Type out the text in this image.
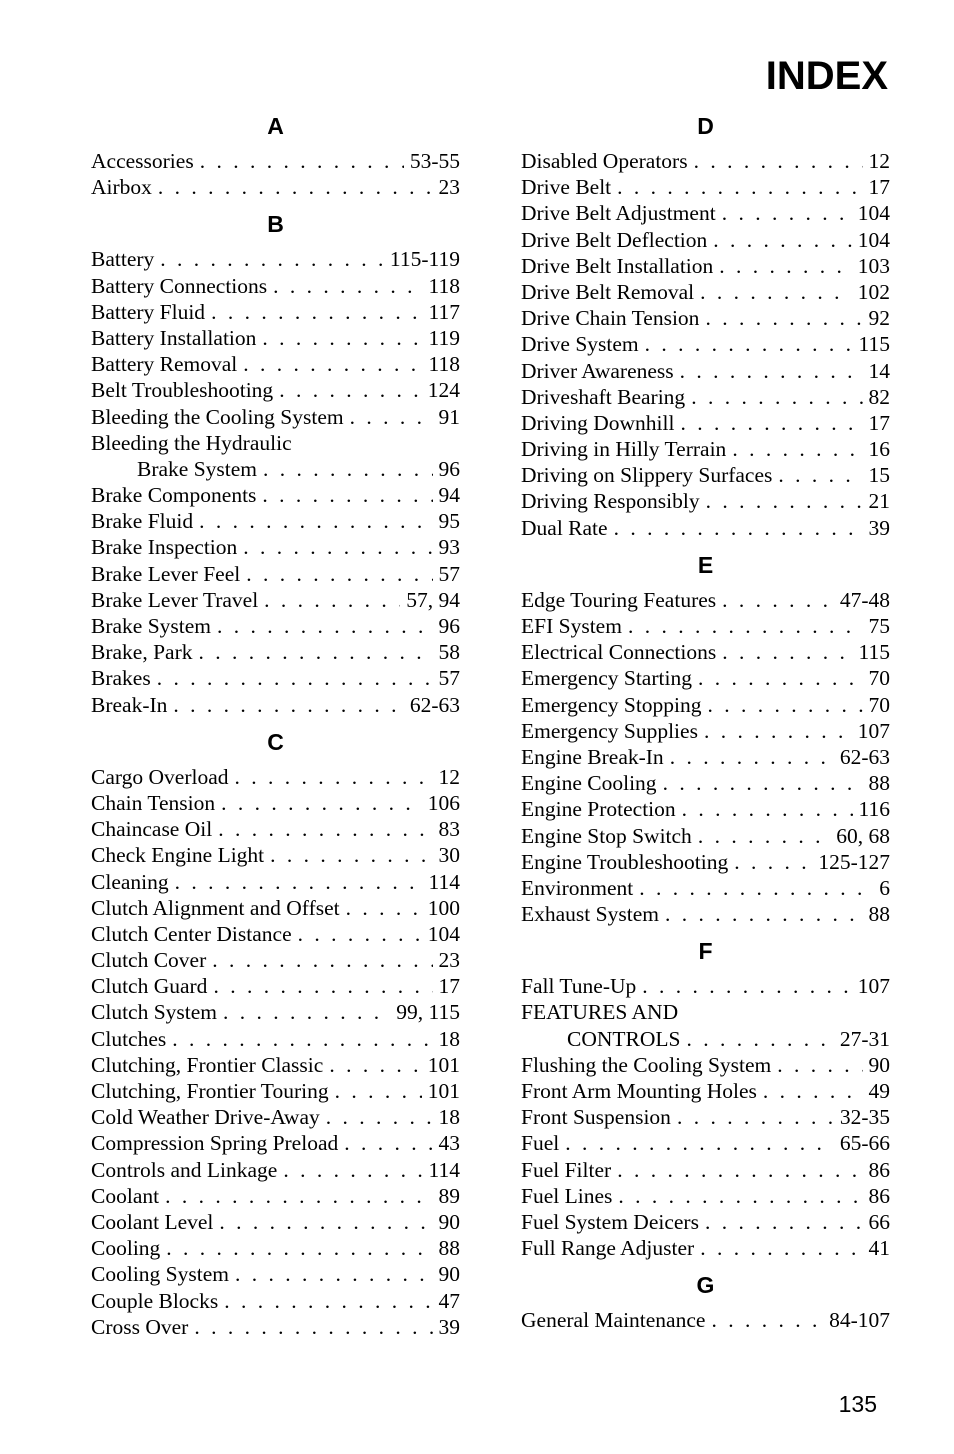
INDEX
A
Accessories . . .	53-55
Airbox . . .	23
B
Battery . . .	115-119
Battery Connections . . .	118
Battery Fluid . . .	117
Battery Installation . . .	119
Battery Removal . . .	118
Belt Troubleshooting . . .	124
Bleeding the Cooling System . . .	91
Bleeding the Hydraulic
Brake System . . .	96
Brake Components . . .	94
Brake Fluid . . .	95
Brake Inspection . . .	93
Brake Lever Feel . . .	57
Brake Lever Travel . . .	57, 94
Brake System . . .	96
Brake, Park . . .	58
Brakes . . .	57
Break-In . . .	62-63
C
Cargo Overload . . .	12
Chain Tension . . .	106
Chaincase Oil . . .	83
Check Engine Light . . .	30
Cleaning . . .	114
Clutch Alignment and Offset . . .	100
Clutch Center Distance . . .	104
Clutch Cover . . .	23
Clutch Guard . . .	17
Clutch System . . .	99, 115
Clutches . . .	18
Clutching, Frontier Classic . . .	101
Clutching, Frontier Touring . . .	101
Cold Weather Drive-Away . . .	18
Compression Spring Preload . . .	43
Controls and Linkage . . .	114
Coolant . . .	89
Coolant Level . . .	90
Cooling . . .	88
Cooling System . . .	90
Couple Blocks . . .	47
Cross Over . . .	39
D
Disabled Operators . . .	12
Drive Belt . . .	17
Drive Belt Adjustment . . .	104
Drive Belt Deflection . . .	104
Drive Belt Installation . . .	103
Drive Belt Removal . . .	102
Drive Chain Tension . . .	92
Drive System . . .	115
Driver Awareness . . .	14
Driveshaft Bearing . . .	82
Driving Downhill . . .	17
Driving in Hilly Terrain . . .	16
Driving on Slippery Surfaces . . .	15
Driving Responsibly . . .	21
Dual Rate . . .	39
E
Edge Touring Features . . .	47-48
EFI System . . .	75
Electrical Connections . . .	115
Emergency Starting . . .	70
Emergency Stopping . . .	70
Emergency Supplies . . .	107
Engine Break-In . . .	62-63
Engine Cooling . . .	88
Engine Protection . . .	116
Engine Stop Switch . . .	60, 68
Engine Troubleshooting . . .	125-127
Environment . . .	6
Exhaust System . . .	88
F
Fall Tune-Up . . .	107
FEATURES AND
CONTROLS . . .	27-31
Flushing the Cooling System . . .	90
Front Arm Mounting Holes . . .	49
Front Suspension . . .	32-35
Fuel . . .	65-66
Fuel Filter . . .	86
Fuel Lines . . .	86
Fuel System Deicers . . .	66
Full Range Adjuster . . .	41
G
General Maintenance . . .	84-107
135
